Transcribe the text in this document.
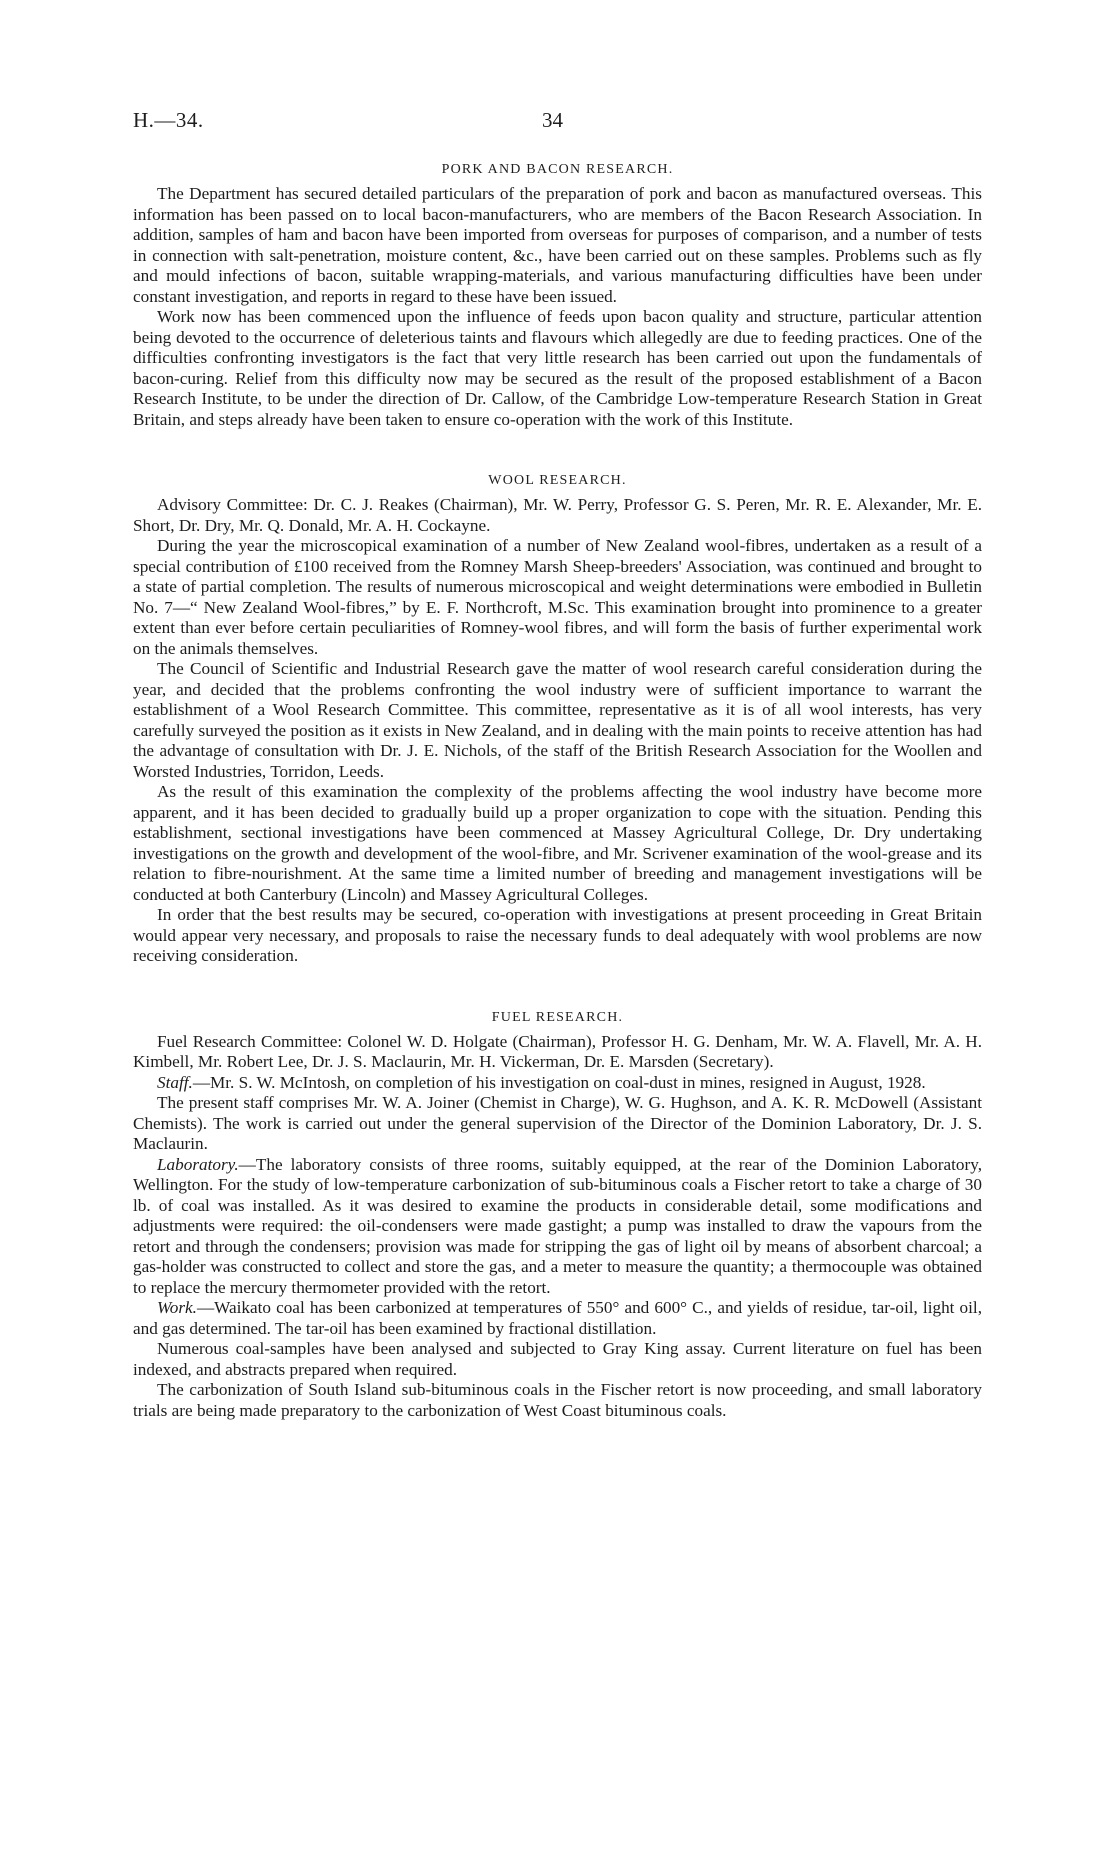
H.—34.	34
PORK AND BACON RESEARCH.

The Department has secured detailed particulars of the preparation of pork and bacon as manufactured overseas. This information has been passed on to local bacon-manufacturers, who are members of the Bacon Research Association. In addition, samples of ham and bacon have been imported from overseas for purposes of comparison, and a number of tests in connection with salt-penetration, moisture content, &c., have been carried out on these samples. Problems such as fly and mould infections of bacon, suitable wrapping-materials, and various manufacturing difficulties have been under constant investigation, and reports in regard to these have been issued.

Work now has been commenced upon the influence of feeds upon bacon quality and structure, particular attention being devoted to the occurrence of deleterious taints and flavours which allegedly are due to feeding practices. One of the difficulties confronting investigators is the fact that very little research has been carried out upon the fundamentals of bacon-curing. Relief from this difficulty now may be secured as the result of the proposed establishment of a Bacon Research Institute, to be under the direction of Dr. Callow, of the Cambridge Low-temperature Research Station in Great Britain, and steps already have been taken to ensure co-operation with the work of this Institute.

WOOL RESEARCH.

Advisory Committee: Dr. C. J. Reakes (Chairman), Mr. W. Perry, Professor G. S. Peren, Mr. R. E. Alexander, Mr. E. Short, Dr. Dry, Mr. Q. Donald, Mr. A. H. Cockayne.

During the year the microscopical examination of a number of New Zealand wool-fibres, undertaken as a result of a special contribution of £100 received from the Romney Marsh Sheep-breeders' Association, was continued and brought to a state of partial completion. The results of numerous microscopical and weight determinations were embodied in Bulletin No. 7—“ New Zealand Wool-fibres,” by E. F. Northcroft, M.Sc. This examination brought into prominence to a greater extent than ever before certain peculiarities of Romney-wool fibres, and will form the basis of further experimental work on the animals themselves.

The Council of Scientific and Industrial Research gave the matter of wool research careful consideration during the year, and decided that the problems confronting the wool industry were of sufficient importance to warrant the establishment of a Wool Research Committee. This committee, representative as it is of all wool interests, has very carefully surveyed the position as it exists in New Zealand, and in dealing with the main points to receive attention has had the advantage of consultation with Dr. J. E. Nichols, of the staff of the British Research Association for the Woollen and Worsted Industries, Torridon, Leeds.

As the result of this examination the complexity of the problems affecting the wool industry have become more apparent, and it has been decided to gradually build up a proper organization to cope with the situation. Pending this establishment, sectional investigations have been commenced at Massey Agricultural College, Dr. Dry undertaking investigations on the growth and development of the wool-fibre, and Mr. Scrivener examination of the wool-grease and its relation to fibre-nourishment. At the same time a limited number of breeding and management investigations will be conducted at both Canterbury (Lincoln) and Massey Agricultural Colleges.

In order that the best results may be secured, co-operation with investigations at present proceeding in Great Britain would appear very necessary, and proposals to raise the necessary funds to deal adequately with wool problems are now receiving consideration.

FUEL RESEARCH.

Fuel Research Committee: Colonel W. D. Holgate (Chairman), Professor H. G. Denham, Mr. W. A. Flavell, Mr. A. H. Kimbell, Mr. Robert Lee, Dr. J. S. Maclaurin, Mr. H. Vickerman, Dr. E. Marsden (Secretary).

Staff.—Mr. S. W. McIntosh, on completion of his investigation on coal-dust in mines, resigned in August, 1928.

The present staff comprises Mr. W. A. Joiner (Chemist in Charge), W. G. Hughson, and A. K. R. McDowell (Assistant Chemists). The work is carried out under the general supervision of the Director of the Dominion Laboratory, Dr. J. S. Maclaurin.

Laboratory.—The laboratory consists of three rooms, suitably equipped, at the rear of the Dominion Laboratory, Wellington. For the study of low-temperature carbonization of sub-bituminous coals a Fischer retort to take a charge of 30 lb. of coal was installed. As it was desired to examine the products in considerable detail, some modifications and adjustments were required: the oil-condensers were made gastight; a pump was installed to draw the vapours from the retort and through the condensers; provision was made for stripping the gas of light oil by means of absorbent charcoal; a gas-holder was constructed to collect and store the gas, and a meter to measure the quantity; a thermocouple was obtained to replace the mercury thermometer provided with the retort.

Work.—Waikato coal has been carbonized at temperatures of 550° and 600° C., and yields of residue, tar-oil, light oil, and gas determined. The tar-oil has been examined by fractional distillation.

Numerous coal-samples have been analysed and subjected to Gray King assay. Current literature on fuel has been indexed, and abstracts prepared when required.

The carbonization of South Island sub-bituminous coals in the Fischer retort is now proceeding, and small laboratory trials are being made preparatory to the carbonization of West Coast bituminous coals.
